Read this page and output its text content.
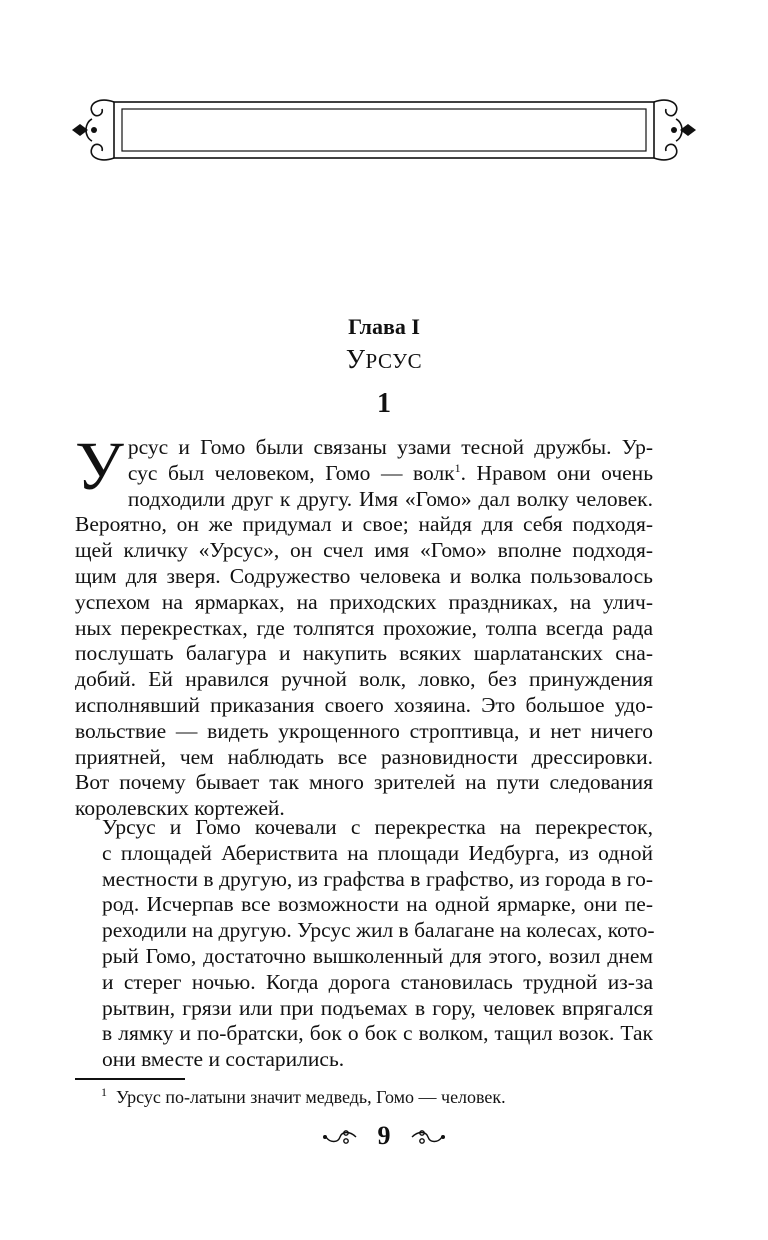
Глава I
УРСУС
1
У рсус и Гомо были связаны узами тесной дружбы. Ур-
сус был человеком, Гомо — волк$^1$. Нравом они очень
подходили друг к другу. Имя «Гомо» дал волку человек.
Вероятно, он же придумал и свое; найдя для себя подходя-
щей кличку «Урсус», он счел имя «Гомо» вполне подходя-
щим для зверя. Содружество человека и волка пользовалось
успехом на ярмарках, на приходских праздниках, на улич-
ных перекрестках, где толпятся прохожие, толпа всегда рада
послушать балагура и накупить всяких шарлатанских сна-
добий. Ей нравился ручной волк, ловко, без принуждения
исполнявший приказания своего хозяина. Это большое удо-
вольствие — видеть укрощенного строптивца, и нет ничего
приятней, чем наблюдать все разновидности дрессировки.
Вот почему бывает так много зрителей на пути следования
королевских кортежей.
Урсус и Гомо кочевали с перекрестка на перекресток,
с площадей Абериствита на площади Иедбурга, из одной
местности в другую, из графства в графство, из города в го-
род. Исчерпав все возможности на одной ярмарке, они пе-
реходили на другую. Урсус жил в балагане на колесах, кото-
рый Гомо, достаточно вышколенный для этого, возил днем
и стерег ночью. Когда дорога становилась трудной из-за
рытвин, грязи или при подъемах в гору, человек впрягался
в лямку и по-братски, бок о бок с волком, тащил возок. Так
они вместе и состарились.
$^1$ Урсус по-латыни значит медведь, Гомо — человек.
9
